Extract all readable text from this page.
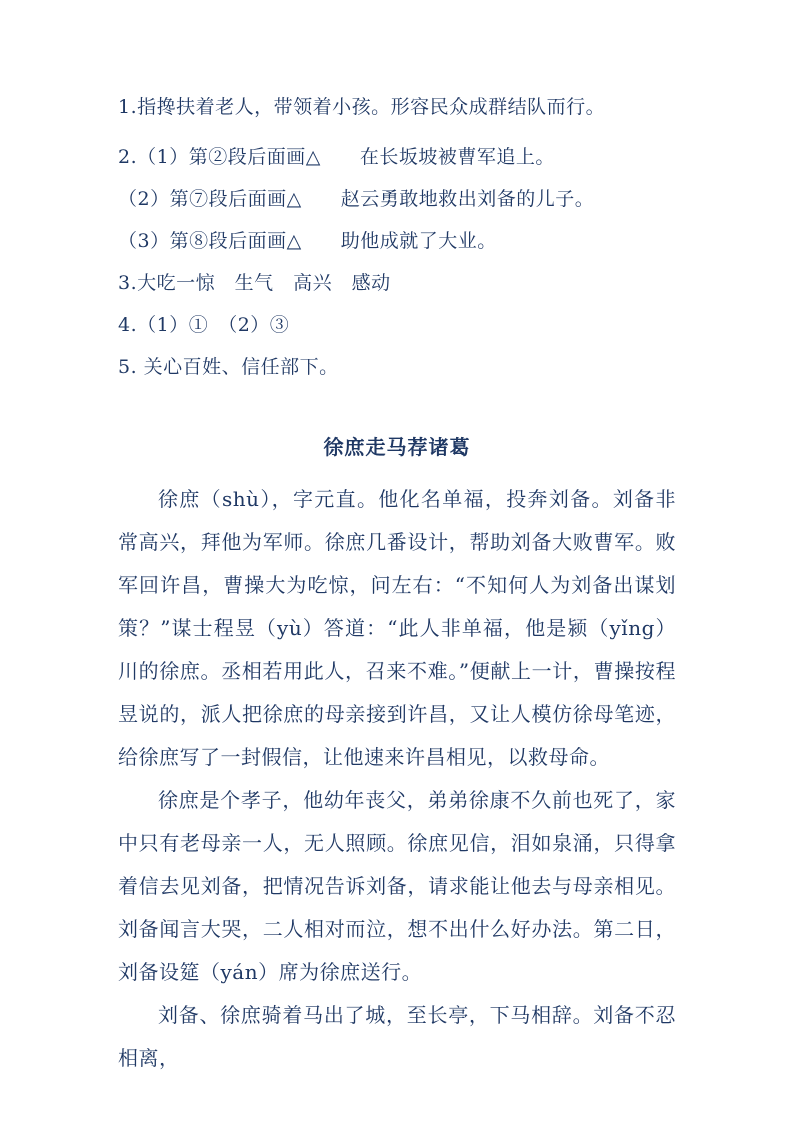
1.指搀扶着老人，带领着小孩。形容民众成群结队而行。

2.（1）第②段后面画△　　在长坂坡被曹军追上。

（2）第⑦段后面画△　　赵云勇敢地救出刘备的儿子。

（3）第⑧段后面画△　　助他成就了大业。

3.大吃一惊　生气　高兴　感动

4.（1）①　（2）③

5. 关心百姓、信任部下。

徐庶走马荐诸葛

徐庶（shù），字元直。他化名单福，投奔刘备。刘备非常高兴，拜他为军师。徐庶几番设计，帮助刘备大败曹军。败军回许昌，曹操大为吃惊，问左右：“不知何人为刘备出谋划策？”谋士程昱（yù）答道：“此人非单福，他是颍（yǐng）川的徐庶。丞相若用此人，召来不难。”便献上一计，曹操按程昱说的，派人把徐庶的母亲接到许昌，又让人模仿徐母笔迹，给徐庶写了一封假信，让他速来许昌相见，以救母命。

徐庶是个孝子，他幼年丧父，弟弟徐康不久前也死了，家中只有老母亲一人，无人照顾。徐庶见信，泪如泉涌，只得拿着信去见刘备，把情况告诉刘备，请求能让他去与母亲相见。刘备闻言大哭，二人相对而泣，想不出什么好办法。第二日，刘备设筵（yán）席为徐庶送行。

刘备、徐庶骑着马出了城，至长亭，下马相辞。刘备不忍相离，
